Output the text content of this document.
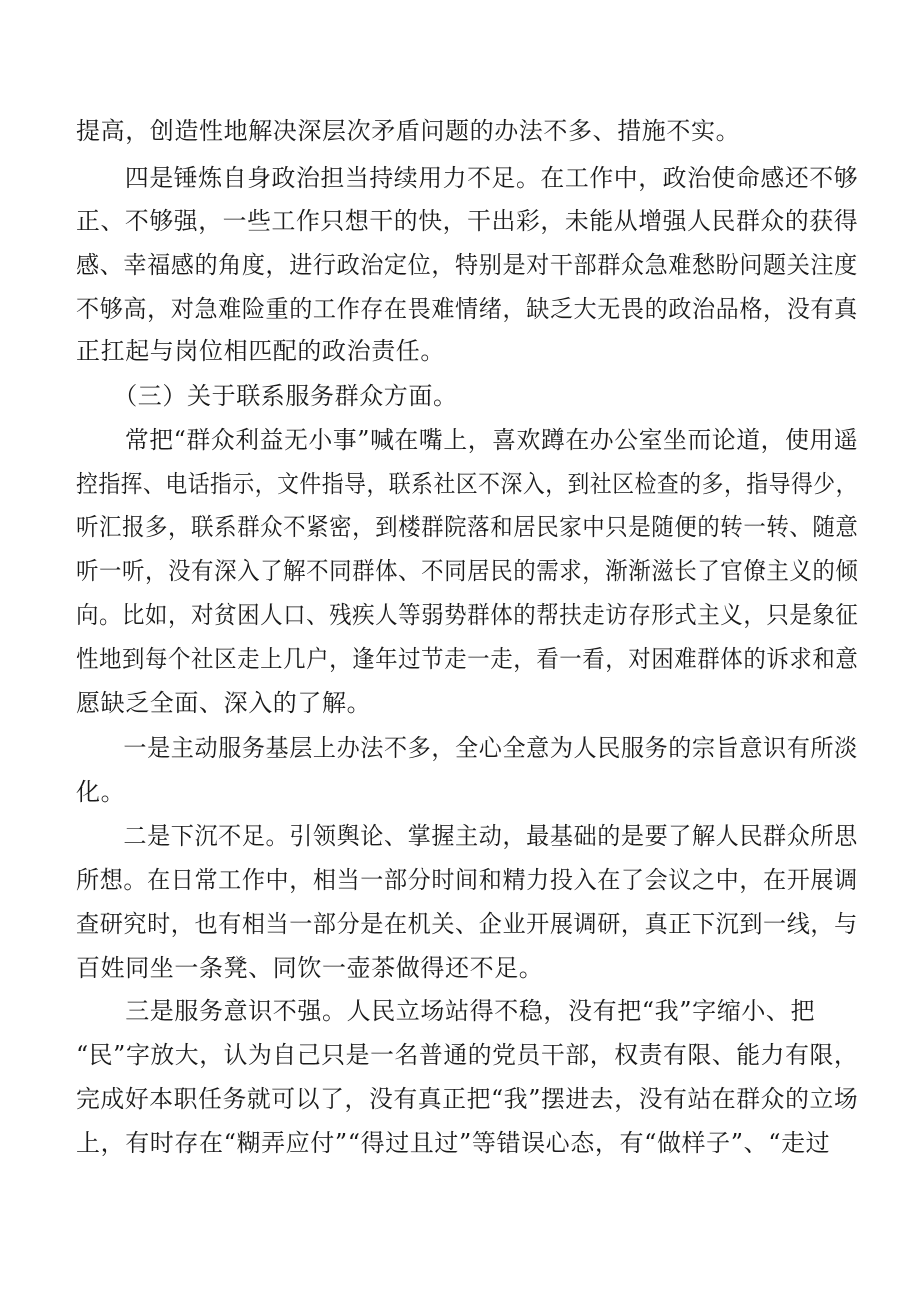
提高，创造性地解决深层次矛盾问题的办法不多、措施不实。
　　四是锤炼自身政治担当持续用力不足。在工作中，政治使命感还不够
正、不够强，一些工作只想干的快，干出彩，未能从增强人民群众的获得
感、幸福感的角度，进行政治定位，特别是对干部群众急难愁盼问题关注度
不够高，对急难险重的工作存在畏难情绪，缺乏大无畏的政治品格，没有真
正扛起与岗位相匹配的政治责任。
　　（三）关于联系服务群众方面。
　　常把“群众利益无小事”喊在嘴上，喜欢蹲在办公室坐而论道，使用遥
控指挥、电话指示，文件指导，联系社区不深入，到社区检查的多，指导得少，
听汇报多，联系群众不紧密，到楼群院落和居民家中只是随便的转一转、随意
听一听，没有深入了解不同群体、不同居民的需求，渐渐滋长了官僚主义的倾
向。比如，对贫困人口、残疾人等弱势群体的帮扶走访存形式主义，只是象征
性地到每个社区走上几户，逢年过节走一走，看一看，对困难群体的诉求和意
愿缺乏全面、深入的了解。
　　一是主动服务基层上办法不多，全心全意为人民服务的宗旨意识有所淡
化。
　　二是下沉不足。引领舆论、掌握主动，最基础的是要了解人民群众所思
所想。在日常工作中，相当一部分时间和精力投入在了会议之中，在开展调
查研究时，也有相当一部分是在机关、企业开展调研，真正下沉到一线，与
百姓同坐一条凳、同饮一壶茶做得还不足。
　　三是服务意识不强。人民立场站得不稳，没有把“我”字缩小、把
“民”字放大，认为自己只是一名普通的党员干部，权责有限、能力有限，
完成好本职任务就可以了，没有真正把“我”摆进去，没有站在群众的立场
上，有时存在“糊弄应付”“得过且过”等错误心态，有“做样子”、“走过
